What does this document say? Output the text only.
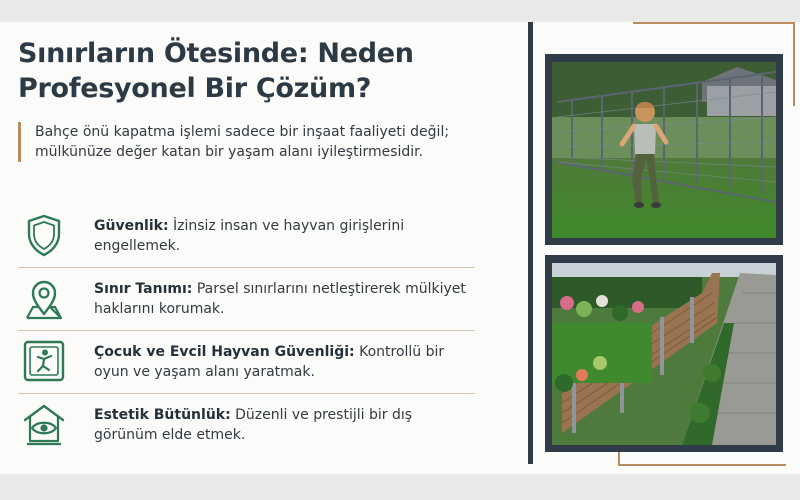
Sınırların Ötesinde: Neden Profesyonel Bir Çözüm?
Bahçe önü kapatma işlemi sadece bir inşaat faaliyeti değil; mülkünüze değer katan bir yaşam alanı iyileştirmesidir.
Güvenlik: İzinsiz insan ve hayvan girişlerini engellemek.
Sınır Tanımı: Parsel sınırlarını netleştirerek mülkiyet haklarını korumak.
Çocuk ve Evcil Hayvan Güvenliği: Kontrollü bir oyun ve yaşam alanı yaratmak.
Estetik Bütünlük: Düzenli ve prestijli bir dış görünüm elde etmek.
